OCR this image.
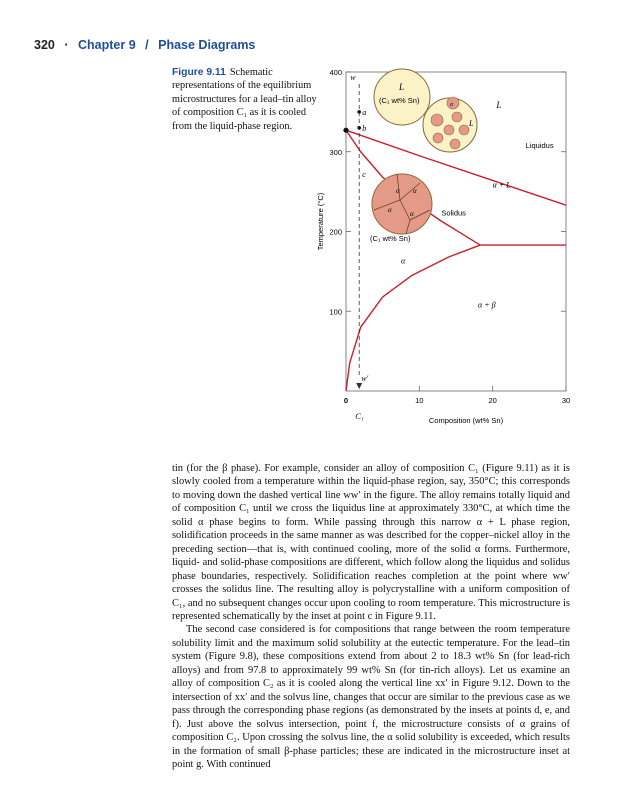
320 · Chapter 9 / Phase Diagrams
Figure 9.11 Schematic representations of the equilibrium microstructures for a lead–tin alloy of composition C₁ as it is cooled from the liquid-phase region.
100
200
300
400
0	10	20	30
Composition (wt% Sn)
Temperature (°C)
L
(C₁ wt% Sn)	α
L
α α
α	α
(C₁ wt% Sn)
w
a
b
c
w'
L
α + L
α
α + β
Liquidus
Solidus
C₁

tin (for the β phase). For example, consider an alloy of composition C₁ (Figure 9.11) as it is slowly cooled from a temperature within the liquid-phase region, say, 350°C; this corresponds to moving down the dashed vertical line ww′ in the figure. The alloy remains totally liquid and of composition C₁ until we cross the liquidus line at approximately 330°C, at which time the solid α phase begins to form. While passing through this narrow α + L phase region, solidification proceeds in the same manner as was described for the copper–nickel alloy in the preceding section—that is, with continued cooling, more of the solid α forms. Furthermore, liquid- and solid-phase compositions are different, which follow along the liquidus and solidus phase boundaries, respectively. Solidification reaches completion at the point where ww′ crosses the solidus line. The resulting alloy is polycrystalline with a uniform composition of C₁, and no subsequent changes occur upon cooling to room temperature. This microstructure is represented schematically by the inset at point c in Figure 9.11.

The second case considered is for compositions that range between the room temperature solubility limit and the maximum solid solubility at the eutectic temperature. For the lead–tin system (Figure 9.8), these compositions extend from about 2 to 18.3 wt% Sn (for lead-rich alloys) and from 97.8 to approximately 99 wt% Sn (for tin-rich alloys). Let us examine an alloy of composition C₂ as it is cooled along the vertical line xx′ in Figure 9.12. Down to the intersection of xx′ and the solvus line, changes that occur are similar to the previous case as we pass through the corresponding phase regions (as demonstrated by the insets at points d, e, and f). Just above the solvus intersection, point f, the microstructure consists of α grains of composition C₂. Upon crossing the solvus line, the α solid solubility is exceeded, which results in the formation of small β-phase particles; these are indicated in the microstructure inset at point g. With continued
